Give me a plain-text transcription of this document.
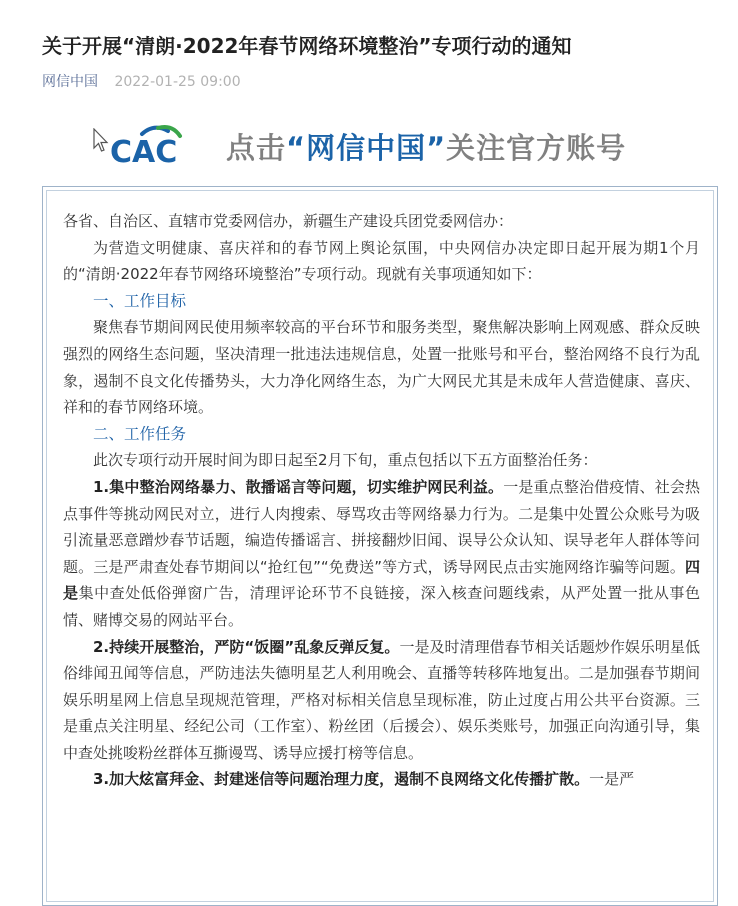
关于开展“清朗·2022年春节网络环境整治”专项行动的通知
网信中国 2022-01-25 09:00
CAC 点击“网信中国”关注官方账号

各省、自治区、直辖市党委网信办，新疆生产建设兵团党委网信办：

为营造文明健康、喜庆祥和的春节网上舆论氛围，中央网信办决定即日起开展为期1个月的“清朗·2022年春节网络环境整治”专项行动。现就有关事项通知如下：

一、工作目标

聚焦春节期间网民使用频率较高的平台环节和服务类型，聚焦解决影响上网观感、群众反映强烈的网络生态问题，坚决清理一批违法违规信息，处置一批账号和平台，整治网络不良行为乱象，遏制不良文化传播势头，大力净化网络生态，为广大网民尤其是未成年人营造健康、喜庆、祥和的春节网络环境。

二、工作任务

此次专项行动开展时间为即日起至2月下旬，重点包括以下五方面整治任务：

1.集中整治网络暴力、散播谣言等问题，切实维护网民利益。一是重点整治借疫情、社会热点事件等挑动网民对立，进行人肉搜索、辱骂攻击等网络暴力行为。二是集中处置公众账号为吸引流量恶意蹭炒春节话题，编造传播谣言、拼接翻炒旧闻、误导公众认知、误导老年人群体等问题。三是严肃查处春节期间以“抢红包”“免费送”等方式，诱导网民点击实施网络诈骗等问题。四是集中查处低俗弹窗广告，清理评论环节不良链接，深入核查问题线索，从严处置一批从事色情、赌博交易的网站平台。

2.持续开展整治，严防“饭圈”乱象反弹反复。一是及时清理借春节相关话题炒作娱乐明星低俗绯闻丑闻等信息，严防违法失德明星艺人利用晚会、直播等转移阵地复出。二是加强春节期间娱乐明星网上信息呈现规范管理，严格对标相关信息呈现标准，防止过度占用公共平台资源。三是重点关注明星、经纪公司（工作室）、粉丝团（后援会）、娱乐类账号，加强正向沟通引导，集中查处挑唆粉丝群体互撕谩骂、诱导应援打榜等信息。

3.加大炫富拜金、封建迷信等问题治理力度，遏制不良网络文化传播扩散。一是严
